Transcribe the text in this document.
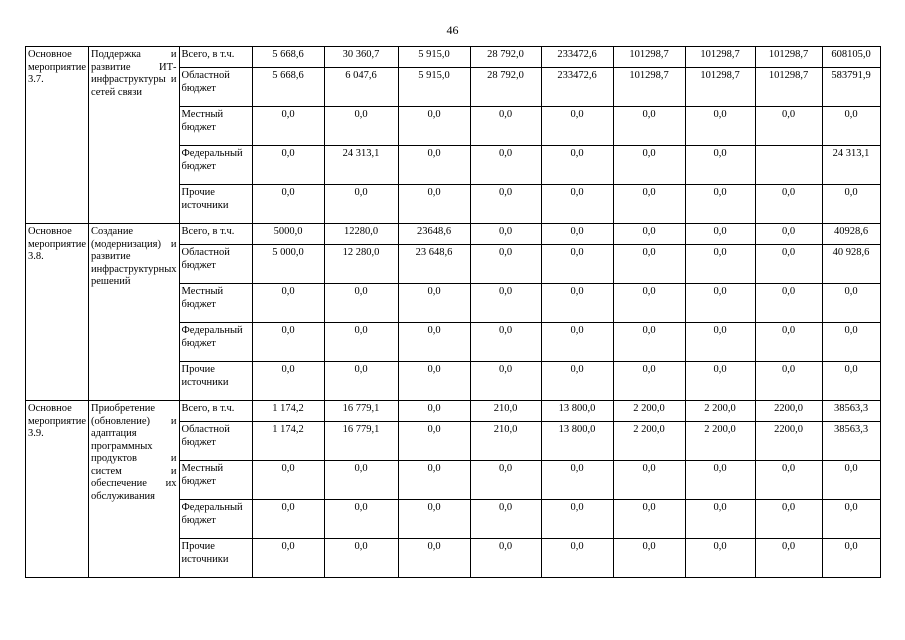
46
Основное мероприятие 3.7.	Поддержка и развитие ИТ-инфраструктуры и сетей связи	Всего, в т.ч.	5 668,6	30 360,7	5 915,0	28 792,0	233472,6	101298,7	101298,7	101298,7	608105,0
		Областной бюджет	5 668,6	6 047,6	5 915,0	28 792,0	233472,6	101298,7	101298,7	101298,7	583791,9
		Местный бюджет	0,0	0,0	0,0	0,0	0,0	0,0	0,0	0,0	0,0
		Федеральный бюджет	0,0	24 313,1	0,0	0,0	0,0	0,0	0,0		24 313,1
		Прочие источники	0,0	0,0	0,0	0,0	0,0	0,0	0,0	0,0	0,0
Основное мероприятие 3.8.	Создание (модернизация) и развитие инфраструктурных решений	Всего, в т.ч.	5000,0	12280,0	23648,6	0,0	0,0	0,0	0,0	0,0	40928,6
		Областной бюджет	5 000,0	12 280,0	23 648,6	0,0	0,0	0,0	0,0	0,0	40 928,6
		Местный бюджет	0,0	0,0	0,0	0,0	0,0	0,0	0,0	0,0	0,0
		Федеральный бюджет	0,0	0,0	0,0	0,0	0,0	0,0	0,0	0,0	0,0
		Прочие источники	0,0	0,0	0,0	0,0	0,0	0,0	0,0	0,0	0,0
Основное мероприятие 3.9.	Приобретение (обновление) и адаптация программных продуктов и систем и обеспечение их обслуживания	Всего, в т.ч.	1 174,2	16 779,1	0,0	210,0	13 800,0	2 200,0	2 200,0	2200,0	38563,3
		Областной бюджет	1 174,2	16 779,1	0,0	210,0	13 800,0	2 200,0	2 200,0	2200,0	38563,3
		Местный бюджет	0,0	0,0	0,0	0,0	0,0	0,0	0,0	0,0	0,0
		Федеральный бюджет	0,0	0,0	0,0	0,0	0,0	0,0	0,0	0,0	0,0
		Прочие источники	0,0	0,0	0,0	0,0	0,0	0,0	0,0	0,0	0,0
